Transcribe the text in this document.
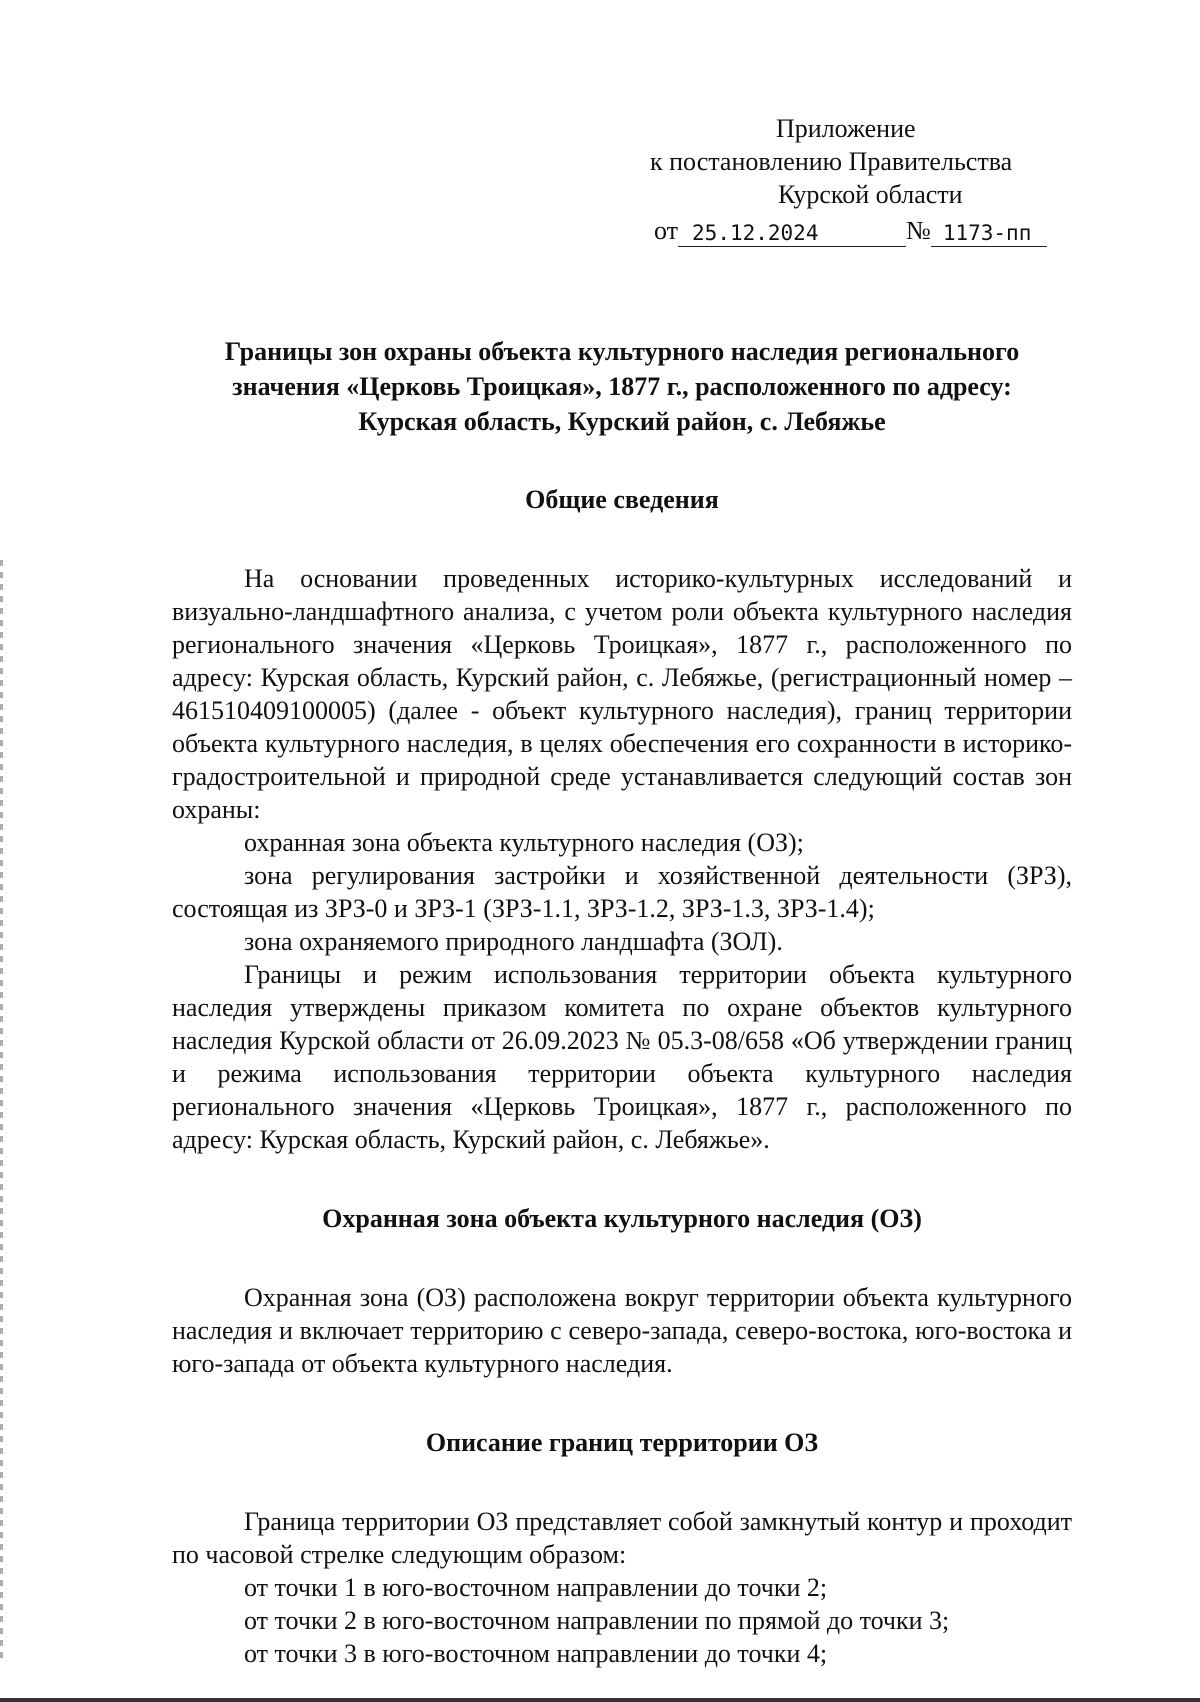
Приложение
к постановлению Правительства
Курской области
от 25.12.2024	№ 1173-пп
Границы зон охраны объекта культурного наследия регионального
значения «Церковь Троицкая», 1877 г., расположенного по адресу:
Курская область, Курский район, с. Лебяжье
Общие сведения

На основании проведенных историко-культурных исследований и визуально-ландшафтного анализа, с учетом роли объекта культурного наследия регионального значения «Церковь Троицкая», 1877 г., расположенного по адресу: Курская область, Курский район, с. Лебяжье, (регистрационный номер – 461510409100005) (далее - объект культурного наследия), границ территории объекта культурного наследия, в целях обеспечения его сохранности в историко-градостроительной и природной среде устанавливается следующий состав зон охраны:

охранная зона объекта культурного наследия (ОЗ);

зона регулирования застройки и хозяйственной деятельности (ЗРЗ), состоящая из ЗРЗ-0 и ЗРЗ-1 (ЗРЗ-1.1, ЗРЗ-1.2, ЗРЗ-1.3, ЗРЗ-1.4);

зона охраняемого природного ландшафта (ЗОЛ).

Границы и режим использования территории объекта культурного наследия утверждены приказом комитета по охране объектов культурного наследия Курской области от 26.09.2023 № 05.3-08/658 «Об утверждении границ и режима использования территории объекта культурного наследия регионального значения «Церковь Троицкая», 1877 г., расположенного по адресу: Курская область, Курский район, с. Лебяжье».

Охранная зона объекта культурного наследия (ОЗ)

Охранная зона (ОЗ) расположена вокруг территории объекта культурного наследия и включает территорию с северо-запада, северо-востока, юго-востока и юго-запада от объекта культурного наследия.

Описание границ территории ОЗ

Граница территории ОЗ представляет собой замкнутый контур и проходит по часовой стрелке следующим образом:

от точки 1 в юго-восточном направлении до точки 2;

от точки 2 в юго-восточном направлении по прямой до точки 3;

от точки 3 в юго-восточном направлении до точки 4;
